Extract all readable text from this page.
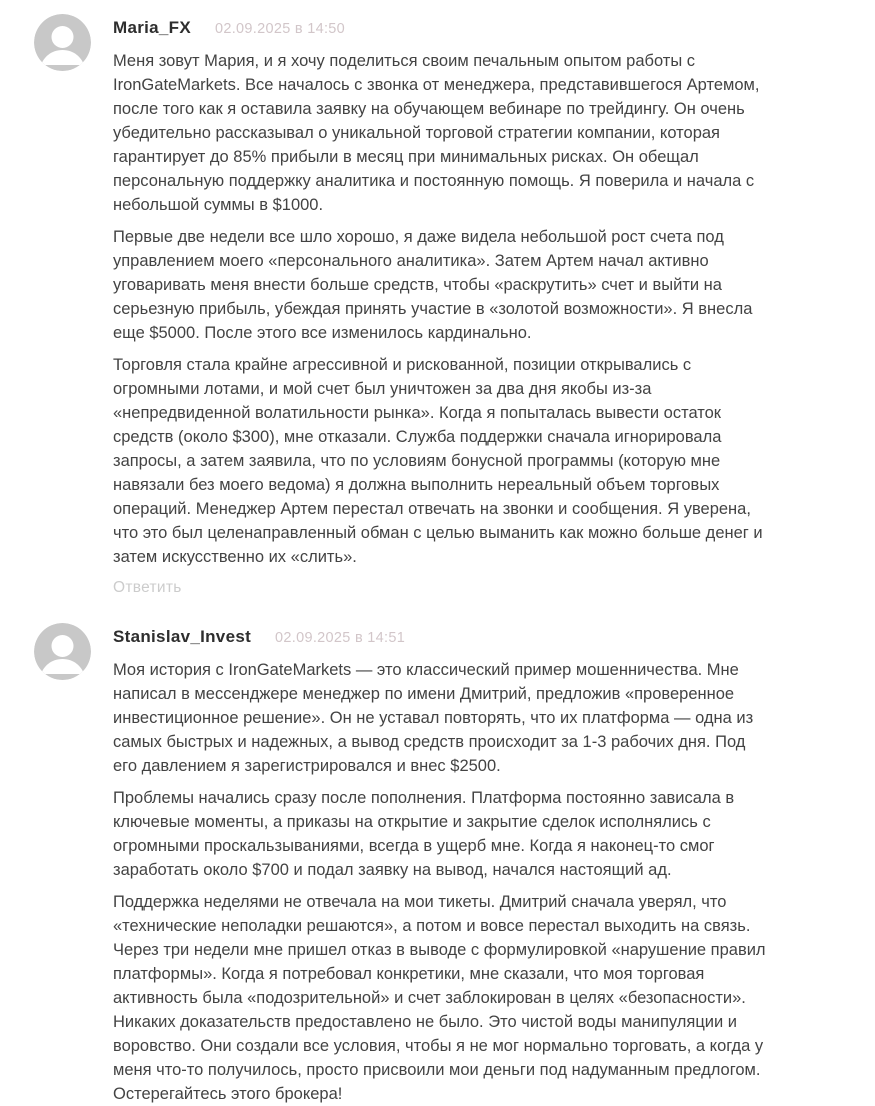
Maria_FX 02.09.2025 в 14:50

Меня зовут Мария, и я хочу поделиться своим печальным опытом работы с IronGateMarkets. Все началось с звонка от менеджера, представившегося Артемом, после того как я оставила заявку на обучающем вебинаре по трейдингу. Он очень убедительно рассказывал о уникальной торговой стратегии компании, которая гарантирует до 85% прибыли в месяц при минимальных рисках. Он обещал персональную поддержку аналитика и постоянную помощь. Я поверила и начала с небольшой суммы в $1000.

Первые две недели все шло хорошо, я даже видела небольшой рост счета под управлением моего «персонального аналитика». Затем Артем начал активно уговаривать меня внести больше средств, чтобы «раскрутить» счет и выйти на серьезную прибыль, убеждая принять участие в «золотой возможности». Я внесла еще $5000. После этого все изменилось кардинально.

Торговля стала крайне агрессивной и рискованной, позиции открывались с огромными лотами, и мой счет был уничтожен за два дня якобы из-за «непредвиденной волатильности рынка». Когда я попыталась вывести остаток средств (около $300), мне отказали. Служба поддержки сначала игнорировала запросы, а затем заявила, что по условиям бонусной программы (которую мне навязали без моего ведома) я должна выполнить нереальный объем торговых операций. Менеджер Артем перестал отвечать на звонки и сообщения. Я уверена, что это был целенаправленный обман с целью выманить как можно больше денег и затем искусственно их «слить».

Ответить
Stanislav_Invest 02.09.2025 в 14:51

Моя история с IronGateMarkets — это классический пример мошенничества. Мне написал в мессенджере менеджер по имени Дмитрий, предложив «проверенное инвестиционное решение». Он не уставал повторять, что их платформа — одна из самых быстрых и надежных, а вывод средств происходит за 1-3 рабочих дня. Под его давлением я зарегистрировался и внес $2500.

Проблемы начались сразу после пополнения. Платформа постоянно зависала в ключевые моменты, а приказы на открытие и закрытие сделок исполнялись с огромными проскальзываниями, всегда в ущерб мне. Когда я наконец-то смог заработать около $700 и подал заявку на вывод, начался настоящий ад.

Поддержка неделями не отвечала на мои тикеты. Дмитрий сначала уверял, что «технические неполадки решаются», а потом и вовсе перестал выходить на связь. Через три недели мне пришел отказ в выводе с формулировкой «нарушение правил платформы». Когда я потребовал конкретики, мне сказали, что моя торговая активность была «подозрительной» и счет заблокирован в целях «безопасности». Никаких доказательств предоставлено не было. Это чистой воды манипуляции и воровство. Они создали все условия, чтобы я не мог нормально торговать, а когда у меня что-то получилось, просто присвоили мои деньги под надуманным предлогом. Остерегайтесь этого брокера!
